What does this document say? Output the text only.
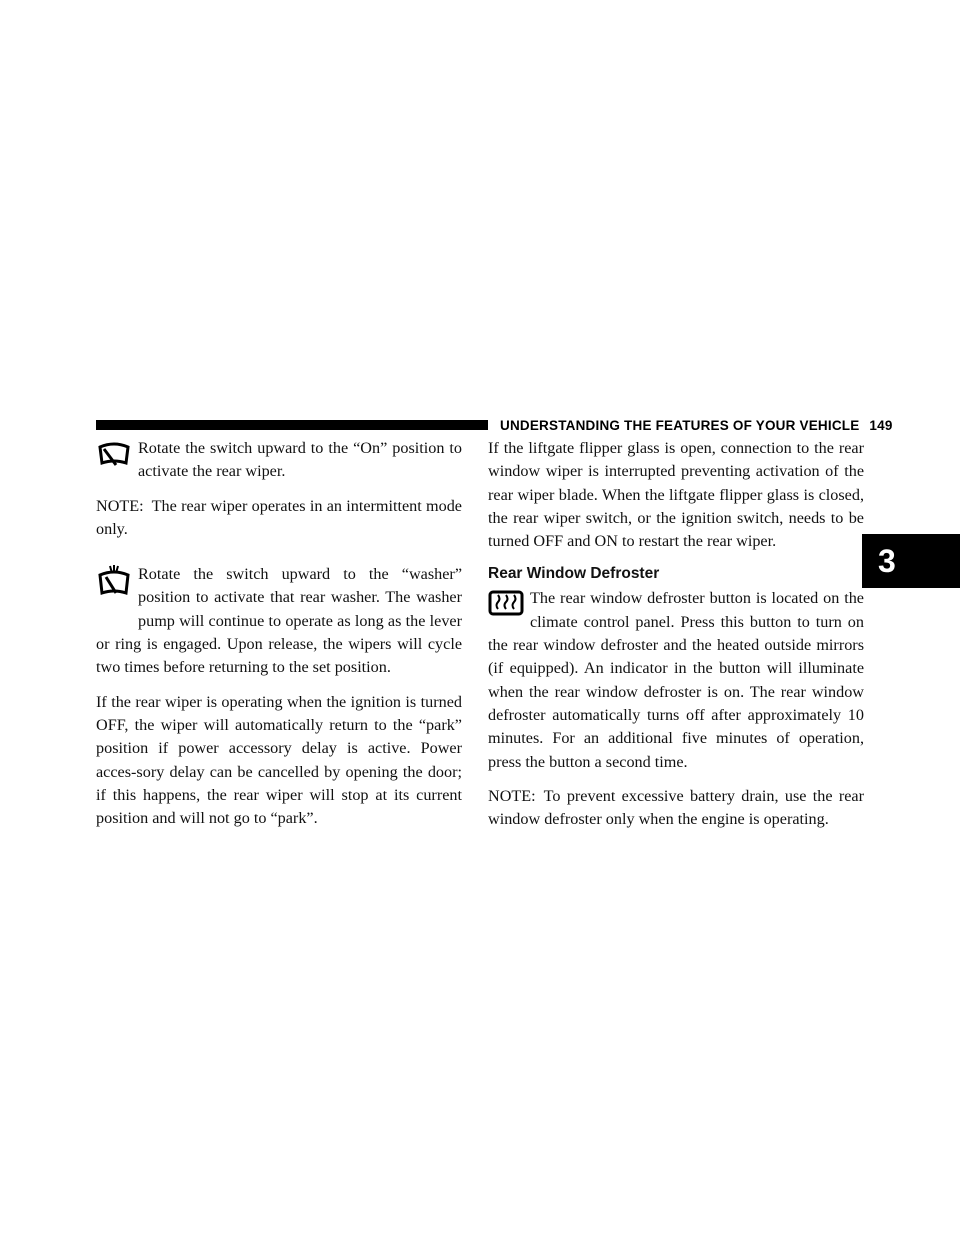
UNDERSTANDING THE FEATURES OF YOUR VEHICLE 149
3

Rotate the switch upward to the “On” position to activate the rear wiper.

NOTE: The rear wiper operates in an intermittent mode only.

Rotate the switch upward to the “washer” position to activate that rear washer. The washer pump will continue to operate as long as the lever or ring is engaged. Upon release, the wipers will cycle two times before returning to the set position.

If the rear wiper is operating when the ignition is turned OFF, the wiper will automatically return to the “park” position if power accessory delay is active. Power acces-sory delay can be cancelled by opening the door; if this happens, the rear wiper will stop at its current position and will not go to “park”.

If the liftgate flipper glass is open, connection to the rear window wiper is interrupted preventing activation of the rear wiper blade. When the liftgate flipper glass is closed, the rear wiper switch, or the ignition switch, needs to be turned OFF and ON to restart the rear wiper.

Rear Window Defroster

The rear window defroster button is located on the climate control panel. Press this button to turn on the rear window defroster and the heated outside mirrors (if equipped). An indicator in the button will illuminate when the rear window defroster is on. The rear window defroster automatically turns off after approximately 10 minutes. For an additional five minutes of operation, press the button a second time.

NOTE: To prevent excessive battery drain, use the rear window defroster only when the engine is operating.
